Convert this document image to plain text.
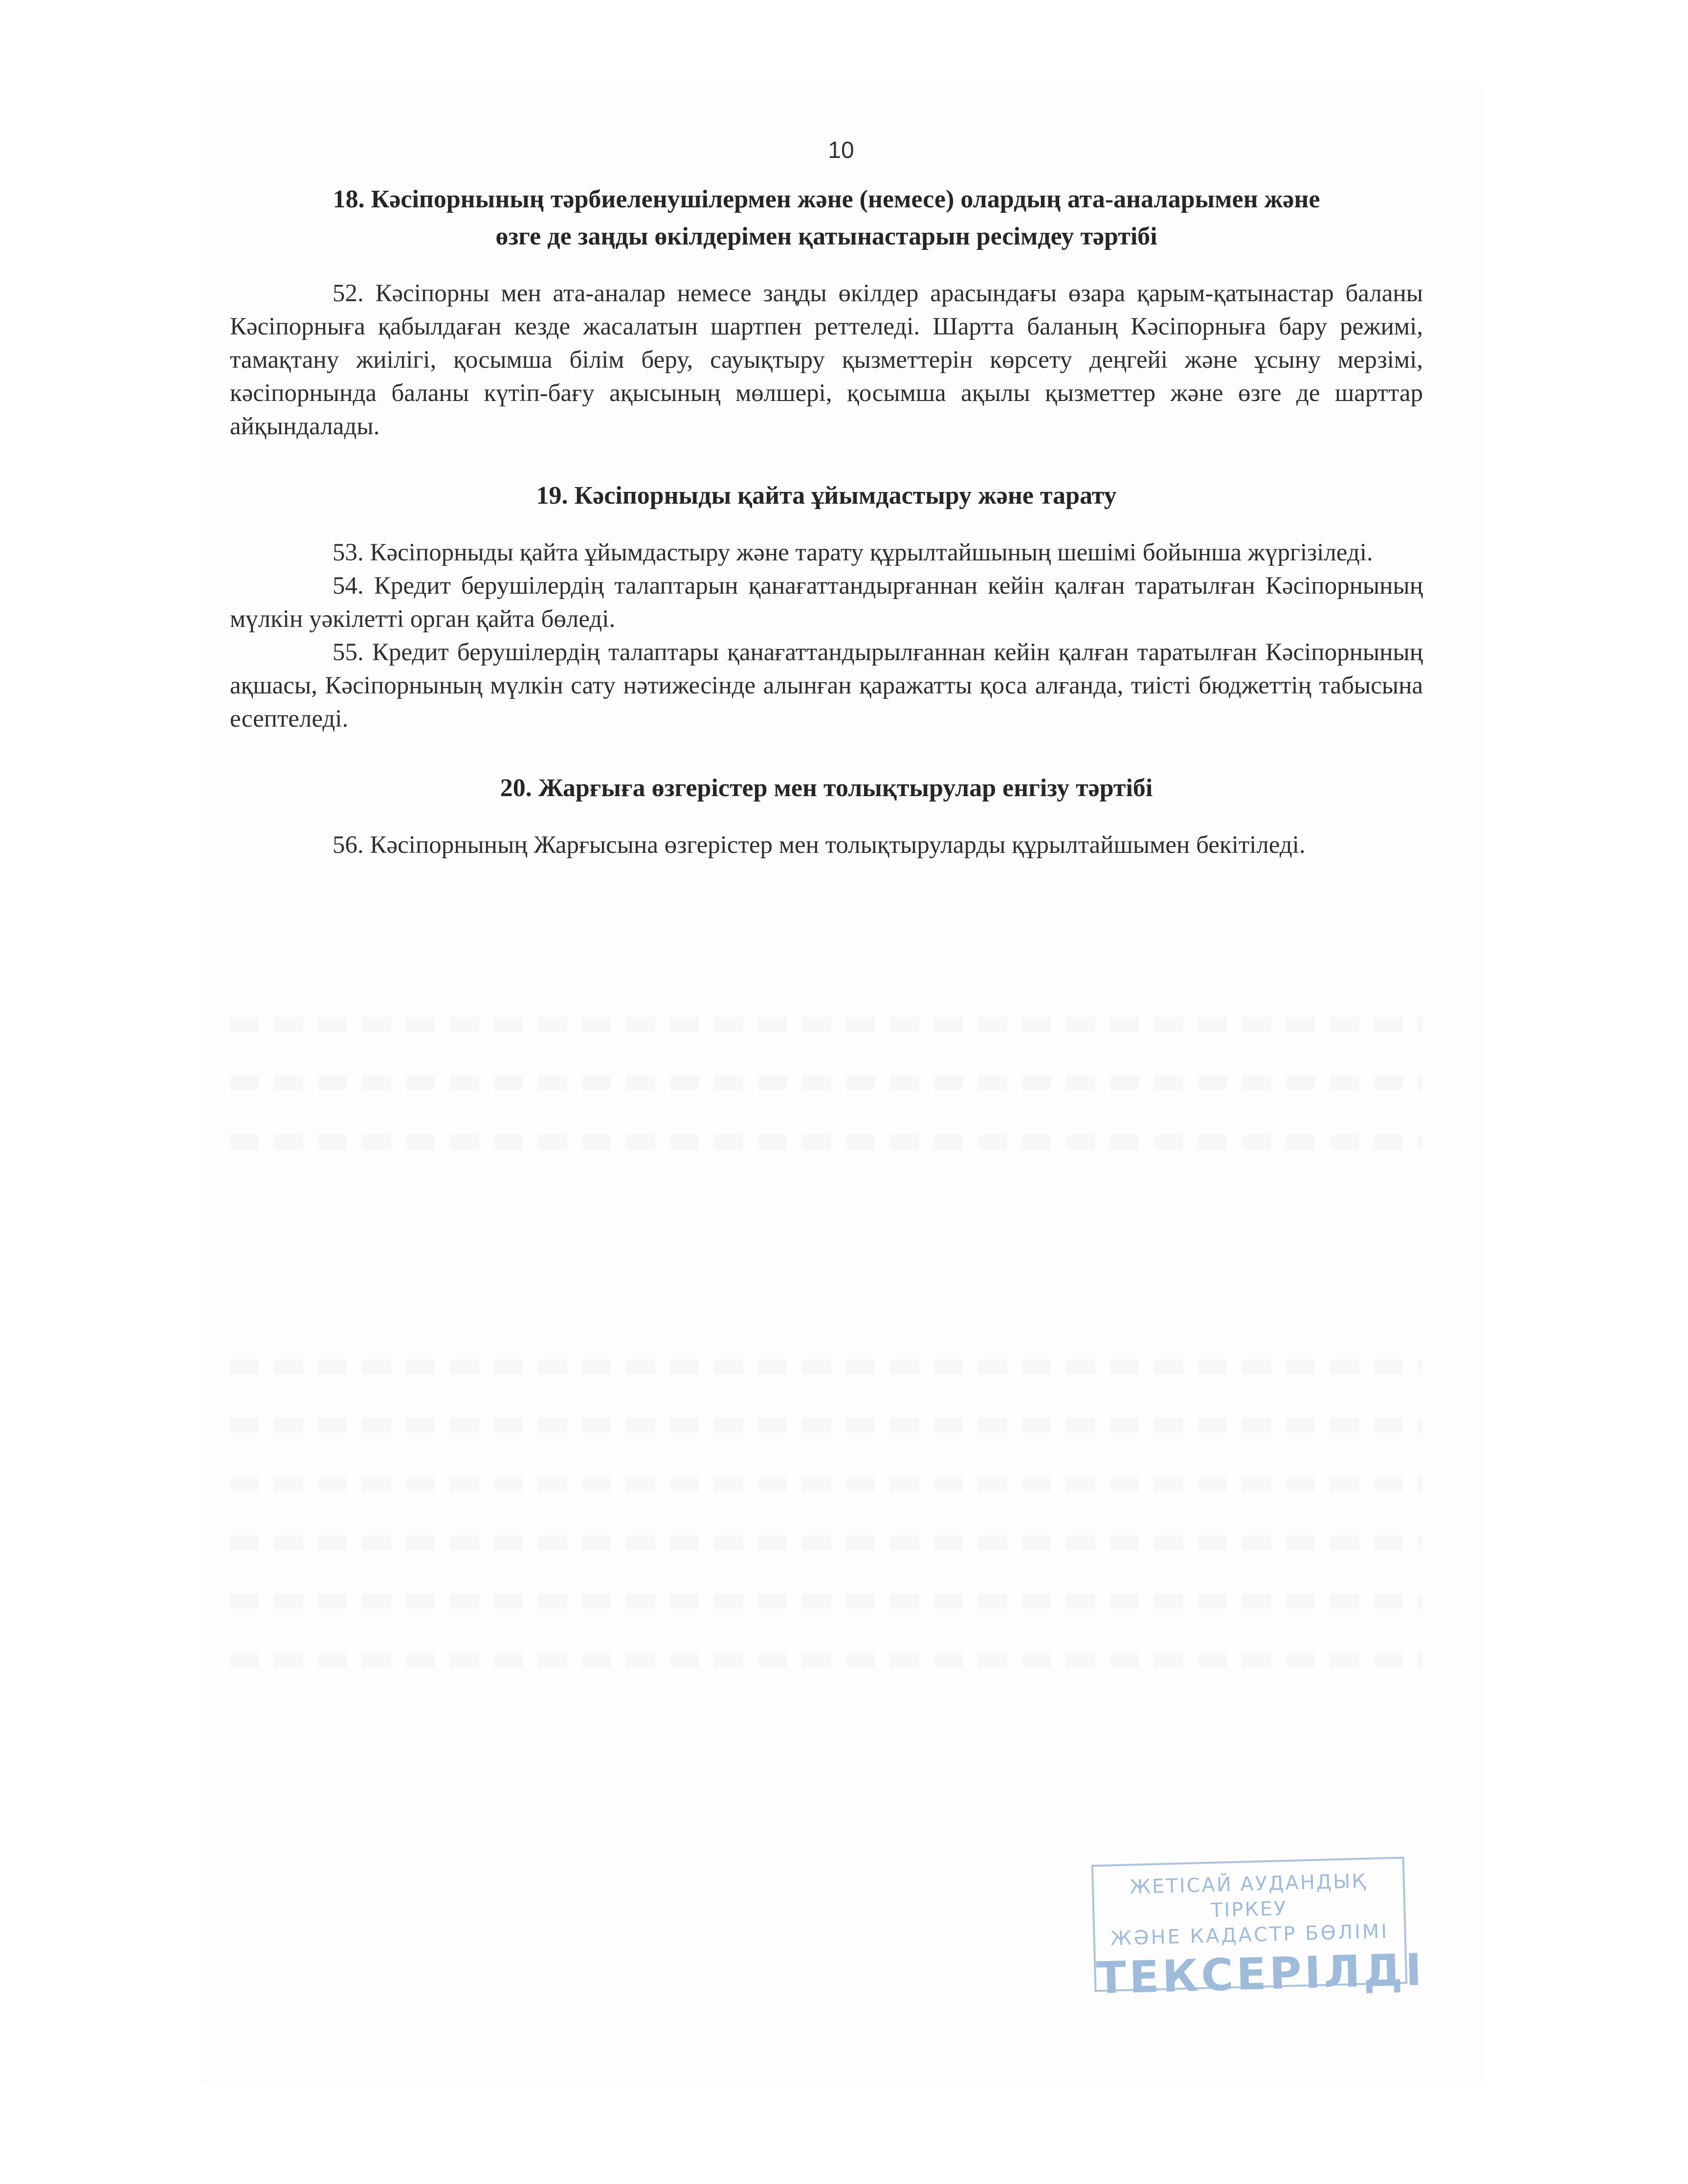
10

18. Кәсіпорнының тәрбиеленушілермен және (немесе) олардың ата-аналарымен және
өзге де заңды өкілдерімен қатынастарын ресімдеу тәртібі

52. Кәсіпорны мен ата-аналар немесе заңды өкілдер арасындағы өзара қарым-қатынастар баланы Кәсіпорнығa қабылдаған кезде жасалатын шартпен реттеледі. Шартта баланың Кәсіпорнығa бару режимі, тамақтану жиілігі, қосымша білім беру, сауықтыру қызметтерін көрсету деңгейі және ұсыну мерзімі, кәсіпорнында баланы күтіп-бағу ақысының мөлшері, қосымша ақылы қызметтер және өзге де шарттар айқындалады.

19. Кәсіпорныды қайта ұйымдастыру және тарату

53. Кәсіпорныды қайта ұйымдастыру және тарату құрылтайшының шешімі бойынша жүргізіледі.

54. Кредит берушілердің талаптарын қанағаттандырғаннан кейін қалған таратылған Кәсіпорнының мүлкін уәкілетті орган қайта бөледі.

55. Кредит берушілердің талаптары қанағаттандырылғаннан кейін қалған таратылған Кәсіпорнының ақшасы, Кәсіпорнының мүлкін сату нәтижесінде алынған қаражатты қоса алғанда, тиісті бюджеттің табысына есептеледі.

20. Жарғыға өзгерістер мен толықтырулар енгізу тәртібі

56. Кәсіпорнының Жарғысына өзгерістер мен толықтыруларды құрылтайшымен бекітіледі.

ЖЕТІСАЙ АУДАНДЫҚ ТІРКЕУ
ЖӘНЕ КАДАСТР БӨЛІМІ
ТЕКСЕРІЛДІ
